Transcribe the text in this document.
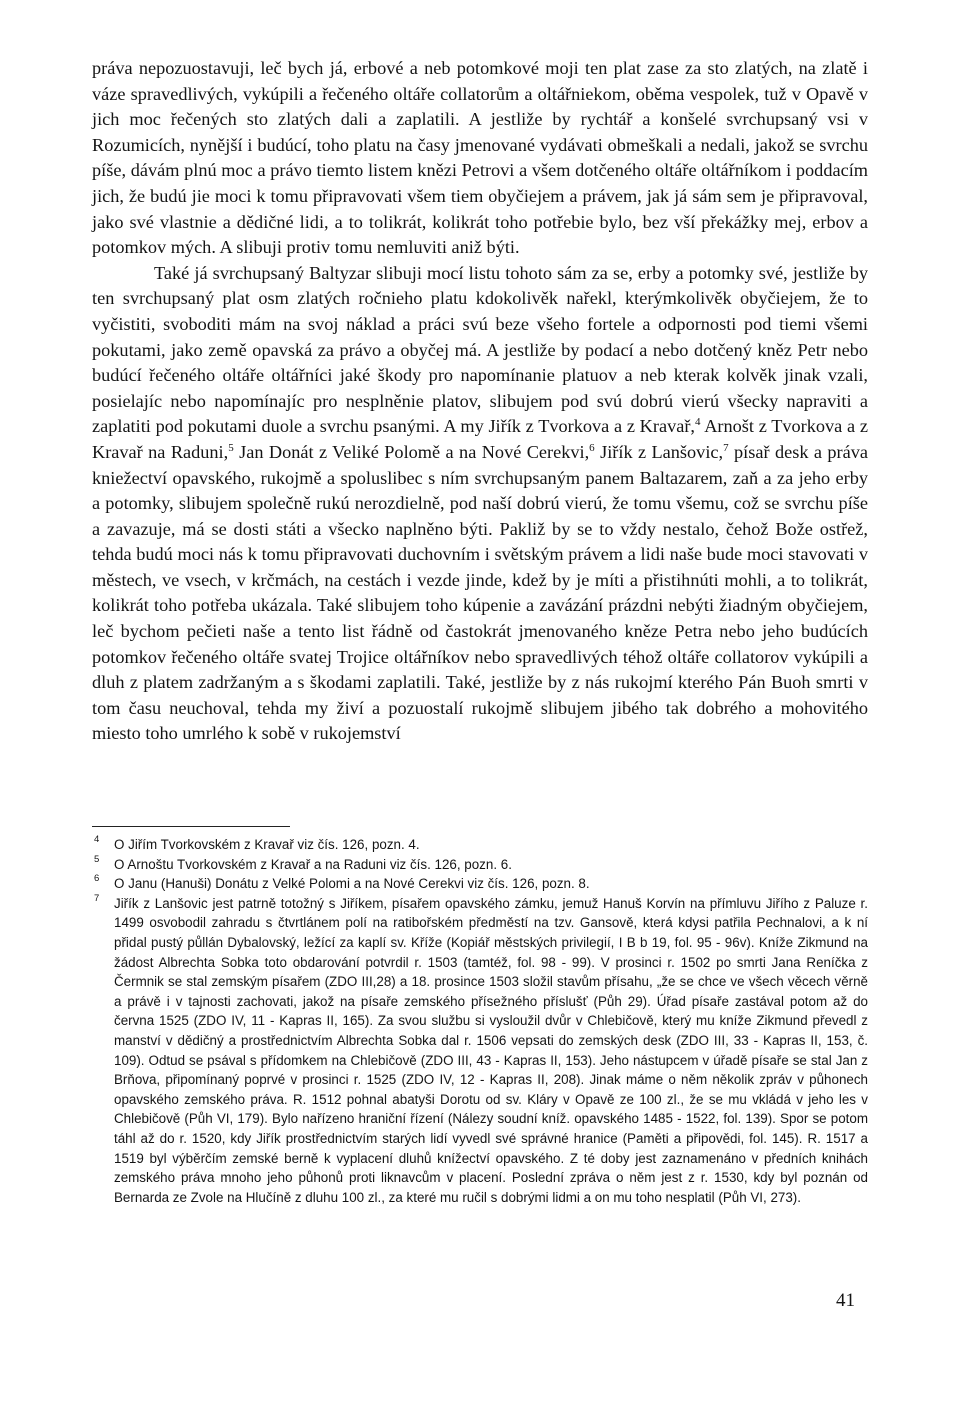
práva nepozuostavuji, leč bych já, erbové a neb potomkové moji ten plat zase za sto zlatých, na zlatě i váze spravedlivých, vykúpili a řečeného oltáře collatorům a oltářniekom, oběma vespolek, tuž v Opavě v jich moc řečených sto zlatých dali a zaplatili. A jestliže by rychtář a konšelé svrchupsaný vsi v Rozumicích, nynější i budúcí, toho platu na časy jmenované vydávati obmeškali a nedali, jakož se svrchu píše, dávám plnú moc a právo tiemto listem knězi Petrovi a všem dotčeného oltáře oltářníkom i poddacím jich, že budú jie moci k tomu připravovati všem tiem obyčiejem a právem, jak já sám sem je připravoval, jako své vlastnie a dědičné lidi, a to tolikrát, kolikrát toho potřebie bylo, bez vší překážky mej, erbov a potomkov mých. A slibuji protiv tomu nemluviti aniž býti.

Také já svrchupsaný Baltyzar slibuji mocí listu tohoto sám za se, erby a potomky své, jestliže by ten svrchupsaný plat osm zlatých ročnieho platu kdokolivěk nařekl, kterýmkolivěk obyčiejem, že to vyčistiti, svoboditi mám na svoj náklad a práci svú beze všeho fortele a odpornosti pod tiemi všemi pokutami, jako země opavská za právo a obyčej má. A jestliže by podací a nebo dotčený kněz Petr nebo budúcí řečeného oltáře oltářníci jaké škody pro napomínanie platuov a neb kterak kolvěk jinak vzali, posielajíc nebo napomínajíc pro nesplněnie platov, slibujem pod svú dobrú vierú všecky napraviti a zaplatiti pod pokutami duole a svrchu psanými. A my Jiřík z Tvorkova a z Kravař,$^4$ Arnošt z Tvorkova a z Kravař na Raduni,$^5$ Jan Donát z Veliké Polomě a na Nové Cerekvi,$^6$ Jiřík z Lanšovic,$^7$ písař desk a práva kniežectví opavského, rukojmě a spoluslibec s ním svrchupsaným panem Baltazarem, zaň a za jeho erby a potomky, slibujem společně rukú nerozdielně, pod naší dobrú vierú, že tomu všemu, což se svrchu píše a zavazuje, má se dosti státi a všecko naplněno býti. Pakliž by se to vždy nestalo, čehož Bože ostřež, tehda budú moci nás k tomu připravovati duchovním i světským právem a lidi naše bude moci stavovati v městech, ve vsech, v krčmách, na cestách i vezde jinde, kdež by je míti a přistihnúti mohli, a to tolikrát, kolikrát toho potřeba ukázala. Také slibujem toho kúpenie a zavázání prázdni nebýti žiadným obyčiejem, leč bychom pečieti naše a tento list řádně od častokrát jmenovaného kněze Petra nebo jeho budúcích potomkov řečeného oltáře svatej Trojice oltářníkov nebo spravedlivých téhož oltáře collatorov vykúpili a dluh z platem zadržaným a s škodami zaplatili. Také, jestliže by z nás rukojmí kterého Pán Buoh smrti v tom času neuchoval, tehda my živí a pozuostalí rukojmě slibujem jibého tak dobrého a mohovitého miesto toho umrlého k sobě v rukojemství

4	O Jiřím Tvorkovském z Kravař viz čís. 126, pozn. 4.
5	O Arnoštu Tvorkovském z Kravař a na Raduni viz čís. 126, pozn. 6.
6	O Janu (Hanuši) Donátu z Velké Polomi a na Nové Cerekvi viz čís. 126, pozn. 8.
7	Jiřík z Lanšovic jest patrně totožný s Jiříkem, písařem opavského zámku, jemuž Hanuš Korvín na přímluvu Jiřího z Paluze r. 1499 osvobodil zahradu s čtvrtlánem polí na ratibořském předměstí na tzv. Gansově, která kdysi patřila Pechnalovi, a k ní přidal pustý půllán Dybalovský, ležící za kaplí sv. Kříže (Kopiář městských privilegií, I B b 19, fol. 95 - 96v). Kníže Zikmund na žádost Albrechta Sobka toto obdarování potvrdil r. 1503 (tamtéž, fol. 98 - 99). V prosinci r. 1502 po smrti Jana Reníčka z Čermnik se stal zemským písařem (ZDO III,28) a 18. prosince 1503 složil stavům přísahu, „že se chce ve všech věcech věrně a právě i v tajnosti zachovati, jakož na písaře zemského přísežného příslušť (Půh 29). Úřad písaře zastával potom až do června 1525 (ZDO IV, 11 - Kapras II, 165). Za svou službu si vysloužil dvůr v Chlebičově, který mu kníže Zikmund převedl z manství v dědičný a prostřednictvím Albrechta Sobka dal r. 1506 vepsati do zemských desk (ZDO III, 33 - Kapras II, 153, č. 109). Odtud se psával s přídomkem na Chlebičově (ZDO III, 43 - Kapras II, 153). Jeho nástupcem v úřadě písaře se stal Jan z Brňova, připomínaný poprvé v prosinci r. 1525 (ZDO IV, 12 - Kapras II, 208). Jinak máme o něm několik zpráv v půhonech opavského zemského práva. R. 1512 pohnal abatyši Dorotu od sv. Kláry v Opavě ze 100 zl., že se mu vkládá v jeho les v Chlebičově (Půh VI, 179). Bylo nařízeno hraniční řízení (Nálezy soudní kníž. opavského 1485 - 1522, fol. 139). Spor se potom táhl až do r. 1520, kdy Jiřík prostřednictvím starých lidí vyvedl své správné hranice (Paměti a připovědi, fol. 145). R. 1517 a 1519 byl výběrčím zemské berně k vyplacení dluhů knížectví opavského. Z té doby jest zaznamenáno v předních knihách zemského práva mnoho jeho půhonů proti liknavcům v placení. Poslední zpráva o něm jest z r. 1530, kdy byl poznán od Bernarda ze Zvole na Hlučíně z dluhu 100 zl., za které mu ručil s dobrými lidmi a on mu toho nesplatil (Půh VI, 273).
41
